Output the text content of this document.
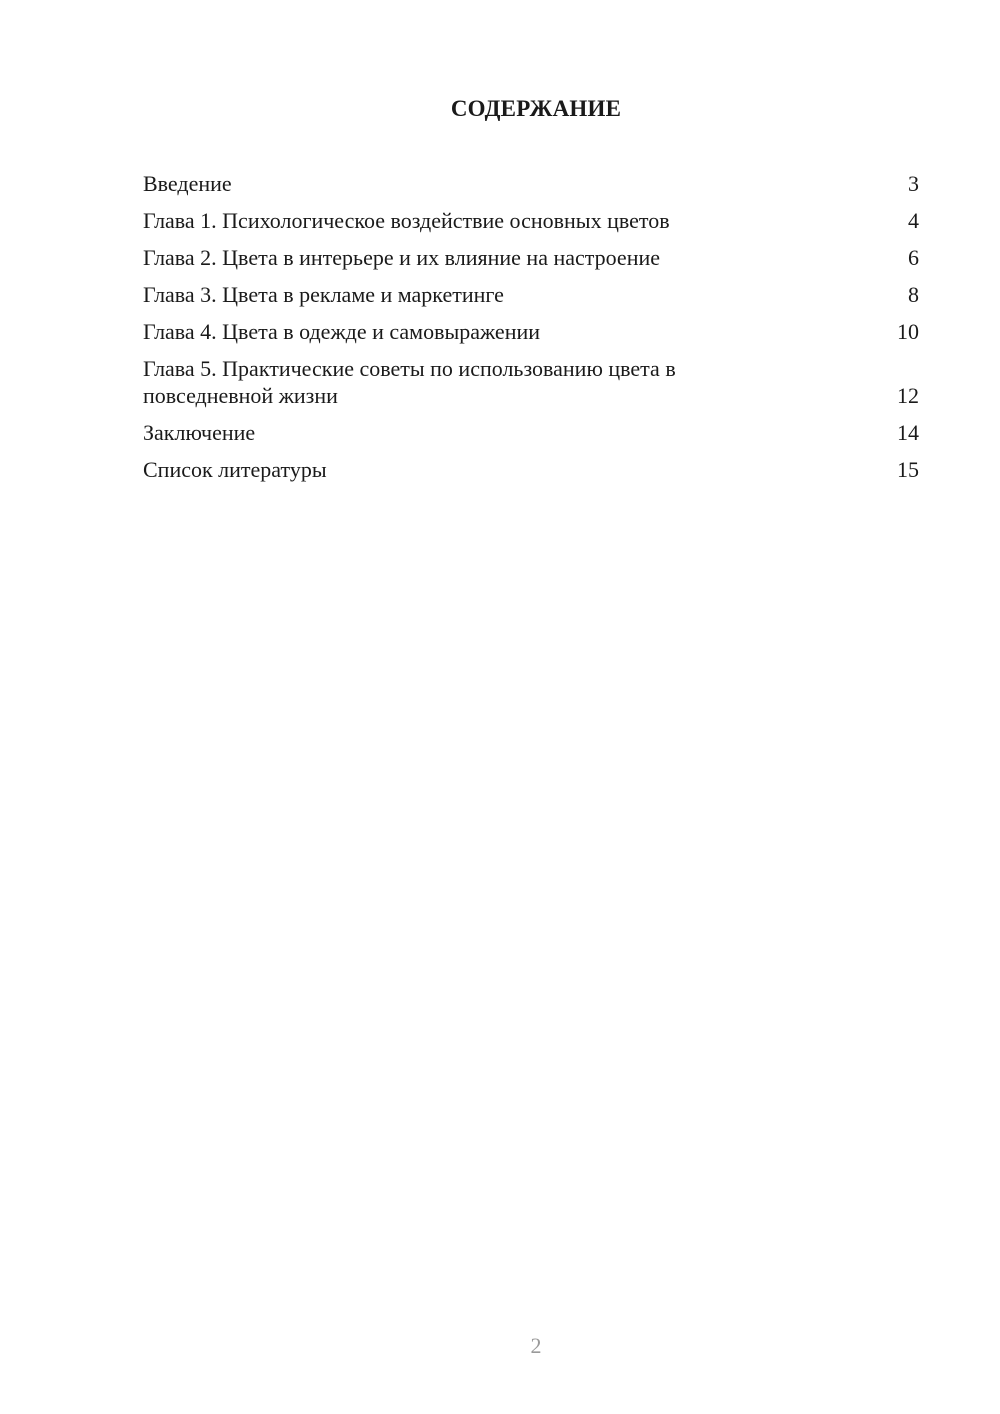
СОДЕРЖАНИЕ
Введение	3
Глава 1. Психологическое воздействие основных цветов	4
Глава 2. Цвета в интерьере и их влияние на настроение	6
Глава 3. Цвета в рекламе и маркетинге	8
Глава 4. Цвета в одежде и самовыражении	10
Глава 5. Практические советы по использованию цвета в повседневной жизни	12
Заключение	14
Список литературы	15
2
